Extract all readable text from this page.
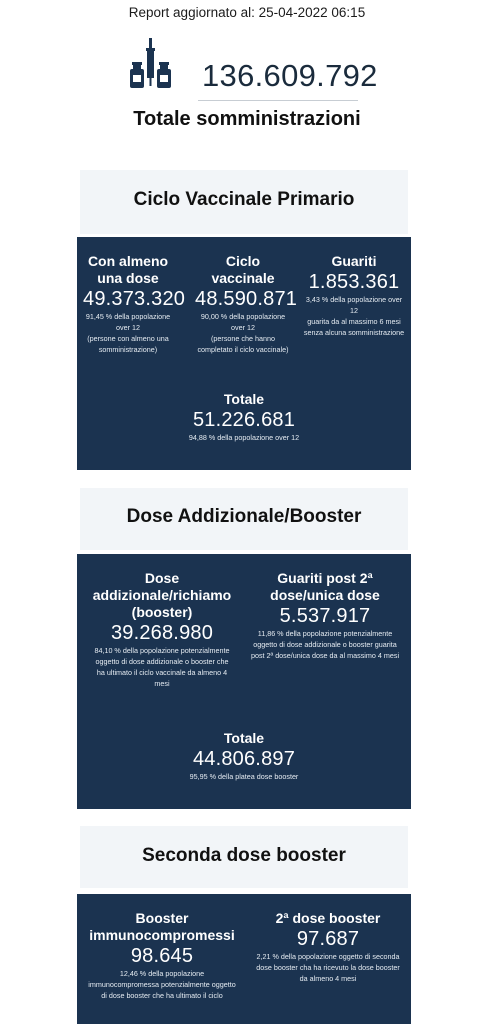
Report aggiornato al: 25-04-2022 06:15
136.609.792
Totale somministrazioni
Ciclo Vaccinale Primario
Con almeno una dose
49.373.320
91,45 % della popolazione over 12
(persone con almeno una somministrazione)
Ciclo vaccinale
48.590.871
90,00 % della popolazione over 12
(persone che hanno completato il ciclo vaccinale)
Guariti
1.853.361
3,43 % della popolazione over 12
guarita da al massimo 6 mesi senza alcuna somministrazione
Totale
51.226.681
94,88 % della popolazione over 12
Dose Addizionale/Booster
Dose addizionale/richiamo (booster)
39.268.980
84,10 % della popolazione potenzialmente oggetto di dose addizionale o booster che ha ultimato il ciclo vaccinale da almeno 4 mesi
Guariti post 2ª dose/unica dose
5.537.917
11,86 % della popolazione potenzialmente oggetto di dose addizionale o booster guarita post 2ª dose/unica dose da al massimo 4 mesi
Totale
44.806.897
95,95 % della platea dose booster
Seconda dose booster
Booster immunocompromessi
98.645
12,46 % della popolazione immunocompromessa potenzialmente oggetto di dose booster che ha ultimato il ciclo
2ª dose booster
97.687
2,21 % della popolazione oggetto di seconda dose booster cha ha ricevuto la dose booster da almeno 4 mesi
